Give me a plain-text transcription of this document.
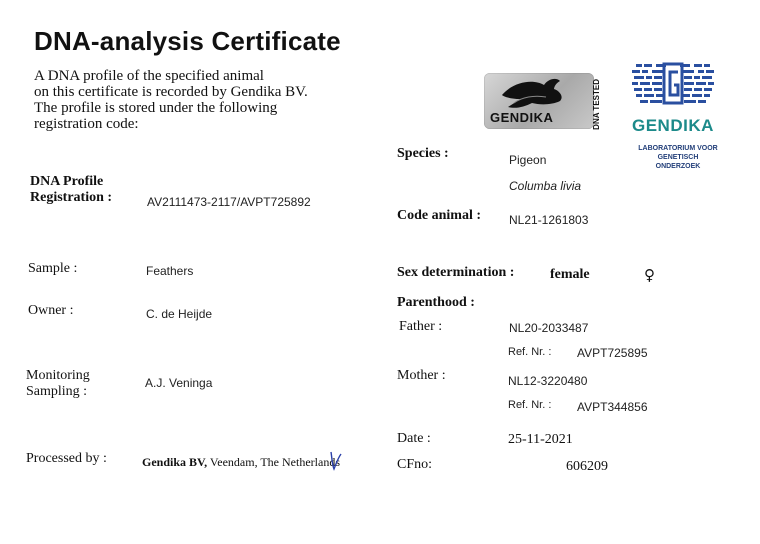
DNA-analysis Certificate
A DNA profile of the specified animal
on this certificate is recorded by Gendika BV.
The profile is stored under the following
registration code:	GENDIKA	DNA TESTED GENDIKA
LABORATORIUM VOOR
GENETISCH ONDERZOEK
DNA Profile
Registration :	AV2111473-2117/AVPT725892
Sample :	Feathers
Owner :	C. de Heijde
Monitoring
Sampling :
A.J. Veninga
Processed by :	Gendika BV, Veendam, The Netherlands
Species :	Pigeon
Columba livia
Code animal : NL21-1261803
Sex determination :	female	♀
Parenthood :
Father :	NL20-2033487
Ref. Nr. : AVPT725895
Mother :	NL12-3220480
Ref. Nr. : AVPT344856
Date :	25-11-2021
CFno:	606209
